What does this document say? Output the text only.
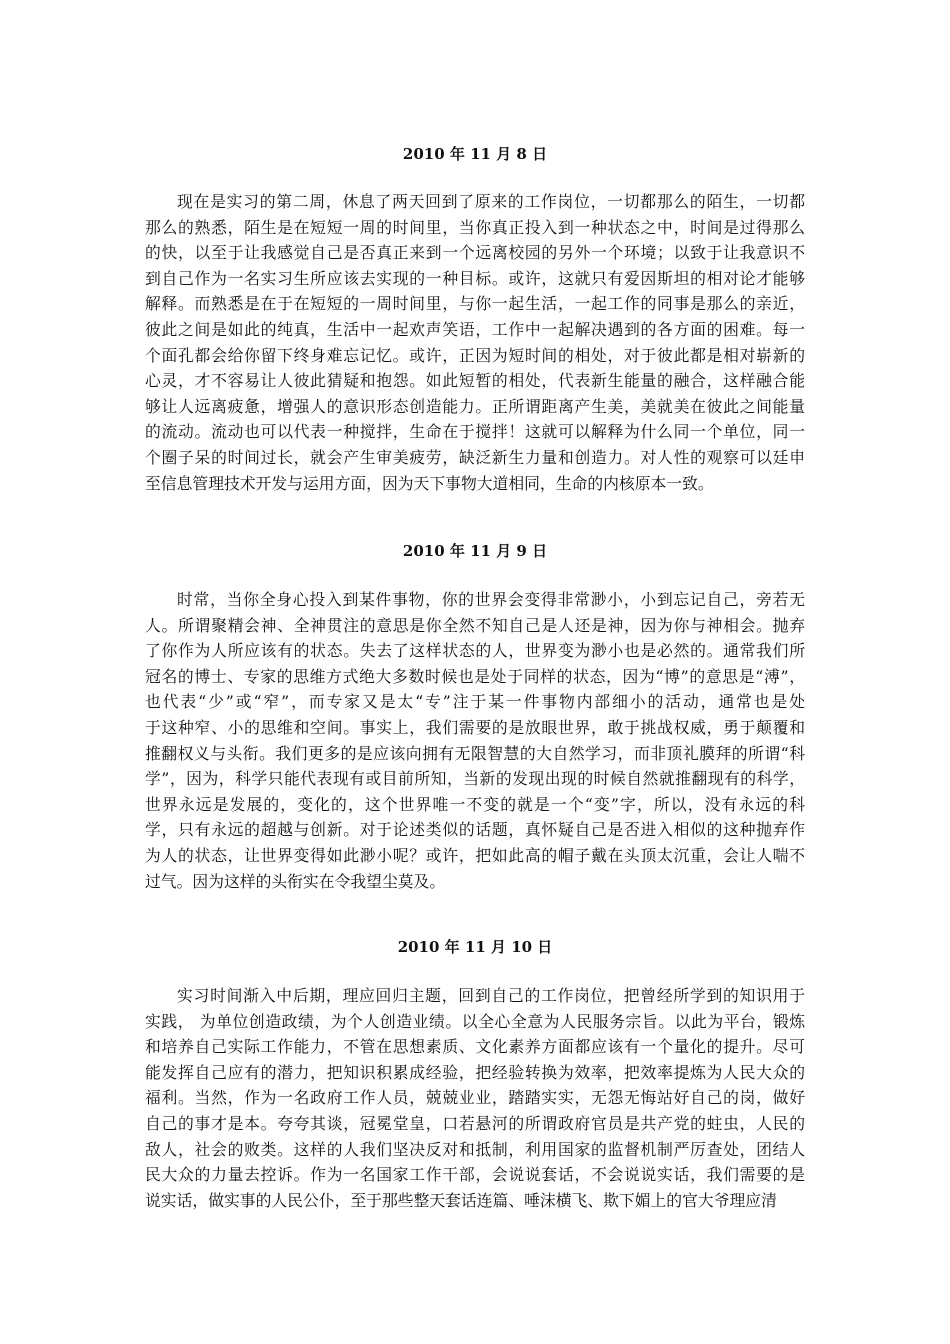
2010 年 11 月 8 日
现在是实习的第二周，休息了两天回到了原来的工作岗位，一切都那么的陌生，一切都
那么的熟悉，陌生是在短短一周的时间里，当你真正投入到一种状态之中，时间是过得那么
的快，以至于让我感觉自己是否真正来到一个远离校园的另外一个环境；以致于让我意识不
到自己作为一名实习生所应该去实现的一种目标。或许，这就只有爱因斯坦的相对论才能够
解释。而熟悉是在于在短短的一周时间里，与你一起生活，一起工作的同事是那么的亲近，
彼此之间是如此的纯真，生活中一起欢声笑语，工作中一起解决遇到的各方面的困难。每一
个面孔都会给你留下终身难忘记忆。或许，正因为短时间的相处，对于彼此都是相对崭新的
心灵，才不容易让人彼此猜疑和抱怨。如此短暂的相处，代表新生能量的融合，这样融合能
够让人远离疲惫，增强人的意识形态创造能力。正所谓距离产生美，美就美在彼此之间能量
的流动。流动也可以代表一种搅拌，生命在于搅拌！这就可以解释为什么同一个单位，同一
个圈子呆的时间过长，就会产生审美疲劳，缺泛新生力量和创造力。对人性的观察可以廷申
至信息管理技术开发与运用方面，因为天下事物大道相同，生命的内核原本一致。
2010 年 11 月 9 日
时常，当你全身心投入到某件事物，你的世界会变得非常渺小，小到忘记自己，旁若无
人。所谓聚精会神、全神贯注的意思是你全然不知自己是人还是神，因为你与神相会。抛弃
了你作为人所应该有的状态。失去了这样状态的人，世界变为渺小也是必然的。通常我们所
冠名的博士、专家的思维方式绝大多数时候也是处于同样的状态，因为“博”的意思是“溥”，
也代表“少”或“窄”，而专家又是太“专”注于某一件事物内部细小的活动，通常也是处
于这种窄、小的思维和空间。事实上，我们需要的是放眼世界，敢于挑战权威，勇于颠覆和
推翻权义与头衔。我们更多的是应该向拥有无限智慧的大自然学习，而非顶礼膜拜的所谓“科
学”，因为，科学只能代表现有或目前所知，当新的发现出现的时候自然就推翻现有的科学，
世界永远是发展的，变化的，这个世界唯一不变的就是一个“变”字，所以，没有永远的科
学，只有永远的超越与创新。对于论述类似的话题，真怀疑自己是否进入相似的这种抛弃作
为人的状态，让世界变得如此渺小呢？或许，把如此高的帽子戴在头顶太沉重，会让人喘不
过气。因为这样的头衔实在令我望尘莫及。
2010 年 11 月 10 日
实习时间渐入中后期，理应回归主题，回到自己的工作岗位，把曾经所学到的知识用于
实践， 为单位创造政绩，为个人创造业绩。以全心全意为人民服务宗旨。以此为平台，锻炼
和培养自己实际工作能力，不管在思想素质、文化素养方面都应该有一个量化的提升。尽可
能发挥自己应有的潜力，把知识积累成经验，把经验转换为效率，把效率提炼为人民大众的
福利。当然，作为一名政府工作人员，兢兢业业，踏踏实实，无怨无悔站好自己的岗，做好
自己的事才是本。夸夸其谈，冠冕堂皇，口若悬河的所谓政府官员是共产党的蛀虫，人民的
敌人，社会的败类。这样的人我们坚决反对和抵制，利用国家的监督机制严厉查处，团结人
民大众的力量去控诉。作为一名国家工作干部，会说说套话，不会说说实话，我们需要的是
说实话，做实事的人民公仆，至于那些整天套话连篇、唾沫横飞、欺下媚上的官大爷理应清
